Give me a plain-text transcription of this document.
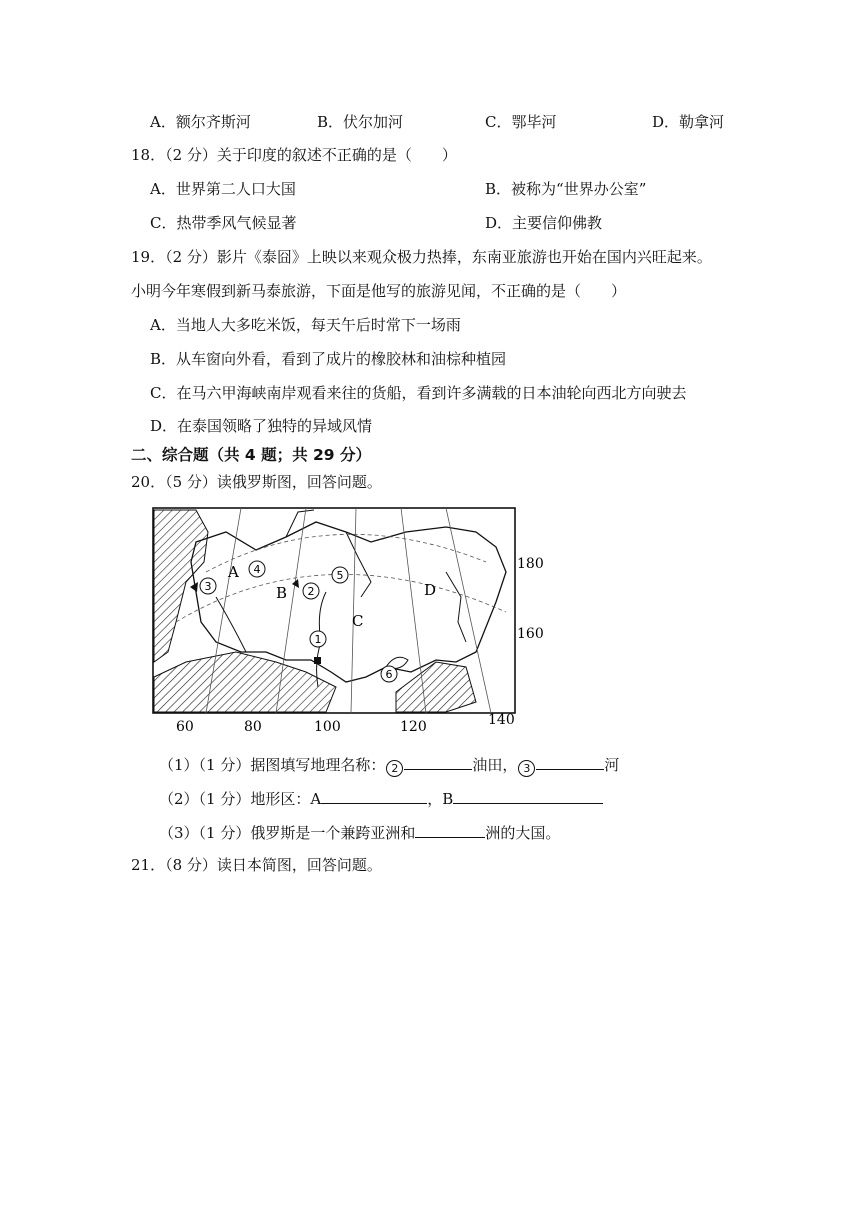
A．额尔齐斯河	B．伏尔加河	C．鄂毕河	D．勒拿河
18．（2 分）关于印度的叙述不正确的是（　　）
A．世界第二人口大国	B．被称为“世界办公室”
C．热带季风气候显著	D．主要信仰佛教
19．（2 分）影片《泰囧》上映以来观众极力热捧，东南亚旅游也开始在国内兴旺起来。
小明今年寒假到新马泰旅游，下面是他写的旅游见闻，不正确的是（　　）
A．当地人大多吃米饭，每天午后时常下一场雨
B．从车窗向外看，看到了成片的橡胶林和油棕种植园
C．在马六甲海峡南岸观看来往的货船，看到许多满载的日本油轮向西北方向驶去
D．在泰国领略了独特的异域风情
二、综合题（共 4 题；共 29 分）
20．（5 分）读俄罗斯图，回答问题。
A
B
C
D
3
4
2
5
1
6
60	80	100	120	140
180
160
（1）（1 分）据图填写地理名称： 2	油田， 3	河
（2）（1 分）地形区：A	，B
（3）（1 分）俄罗斯是一个兼跨亚洲和	洲的大国。
21．（8 分）读日本简图，回答问题。
